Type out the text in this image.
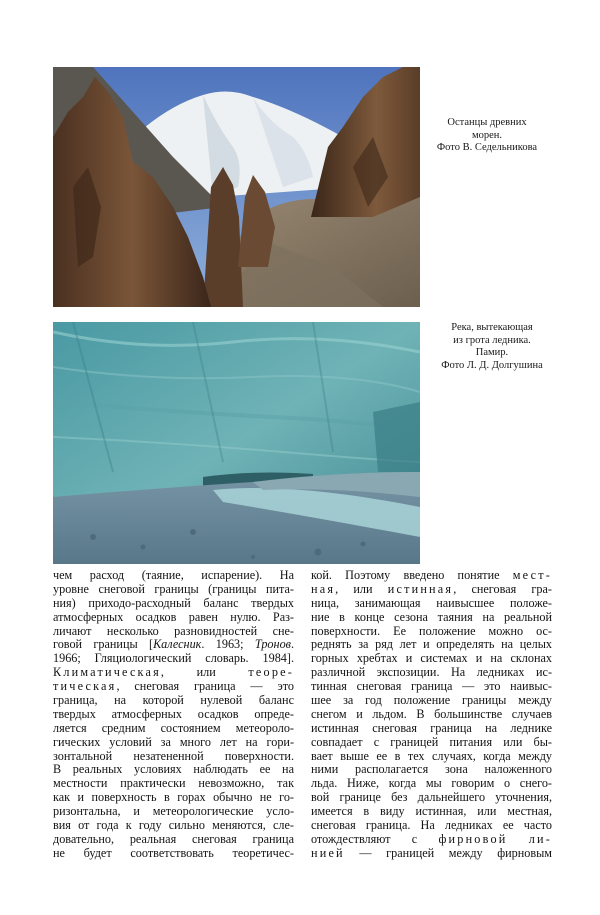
Останцы древних
морен.
Фото В. Седельникова
Река, вытекающая
из грота ледника.
Памир.
Фото Л. Д. Долгушина
чем расход (таяние, испарение). На
уровне снеговой границы (границы пита-
ния) приходо-расходный баланс твердых
атмосферных осадков равен нулю. Раз-
личают несколько разновидностей сне-
говой границы [Калесник. 1963; Тронов.
1966; Гляциологический словарь. 1984].
Климатическая, или теоре-
тическая, снеговая граница — это
граница, на которой нулевой баланс
твердых атмосферных осадков опреде-
ляется средним состоянием метеороло-
гических условий за много лет на гори-
зонтальной незатененной поверхности.
В реальных условиях наблюдать ее на
местности практически невозможно, так
как и поверхность в горах обычно не го-
ризонтальна, и метеорологические усло-
вия от года к году сильно меняются, сле-
довательно, реальная снеговая граница
не будет соответствовать теоретичес-
кой. Поэтому введено понятие мест-
ная, или истинная, снеговая гра-
ница, занимающая наивысшее положе-
ние в конце сезона таяния на реальной
поверхности. Ее положение можно ос-
реднять за ряд лет и определять на целых
горных хребтах и системах и на склонах
различной экспозиции. На ледниках ис-
тинная снеговая граница — это наивыс-
шее за год положение границы между
снегом и льдом. В большинстве случаев
истинная снеговая граница на леднике
совпадает с границей питания или бы-
вает выше ее в тех случаях, когда между
ними располагается зона наложенного
льда. Ниже, когда мы говорим о снего-
вой границе без дальнейшего уточнения,
имеется в виду истинная, или местная,
снеговая граница. На ледниках ее часто
отождествляют с фирновой ли-
нией — границей между фирновым
